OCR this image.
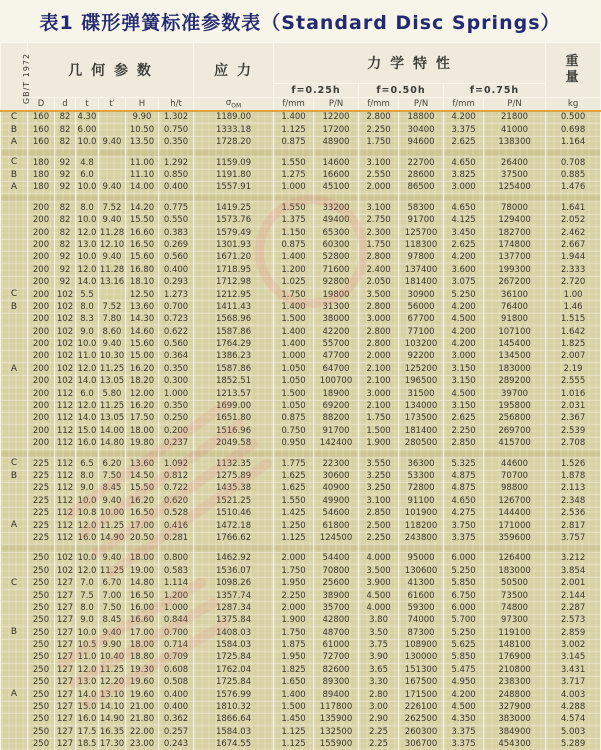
表1 碟形弹簧标准参数表（Standard Disc Springs）
GB/T 1972	几 何 参 数						应 力	力 学 特 性						重量

								f=0.25h		f=0.50h		f=0.75h		
	D	d	t	t′	H	h/t	$\sigma_{OM}$	f/mm	P/N	f/mm	P/N	f/mm	P/N	kg
C	160	82	4.30		9.90	1.302	1189.00	1.400	12200	2.800	18800	4.200	21800	0.500
B	160	82	6.00		10.50	0.750	1333.18	1.125	17200	2.250	30400	3.375	41000	0.698
A	160	82	10.0	9.40	13.50	0.350	1728.20	0.875	48900	1.750	94600	2.625	138300	1.164

C	180	92	4.8		11.00	1.292	1159.09	1.550	14600	3.100	22700	4.650	26400	0.708
B	180	92	6.0		11.10	0.850	1191.80	1.275	16600	2.550	28600	3.825	37500	0.885
A	180	92	10.0	9.40	14.00	0.400	1557.91	1.000	45100	2.000	86500	3.000	125400	1.476

	200	82	8.0	7.52	14.20	0.775	1419.25	1.550	33200	3.100	58300	4.650	78000	1.641
	200	82	10.0	9.40	15.50	0.550	1573.76	1.375	49400	2.750	91700	4.125	129400	2.052
	200	82	12.0	11.28	16.60	0.383	1579.49	1.150	65300	2.300	125700	3.450	182700	2.462
	200	82	13.0	12.10	16.50	0.269	1301.93	0.875	60300	1.750	118300	2.625	174800	2.667
	200	92	10.0	9.40	15.60	0.560	1671.20	1.400	52800	2.800	97800	4.200	137700	1.944
	200	92	12.0	11.28	16.80	0.400	1718.95	1.200	71600	2.400	137400	3.600	199300	2.333
	200	92	14.0	13.16	18.10	0.293	1712.98	1.025	92800	2.050	181400	3.075	267200	2.720
C	200	102	5.5		12.50	1.273	1212.95	1.750	19800	3.500	30900	5.250	36100	1.00
B	200	102	8.0	7.52	13.60	0.700	1411.43	1.400	31300	2.800	56000	4.200	76400	1.46
	200	102	8.3	7.80	14.30	0.723	1568.96	1.500	38000	3.000	67700	4.500	91800	1.515
	200	102	9.0	8.60	14.60	0.622	1587.86	1.400	42200	2.800	77100	4.200	107100	1.642
	200	102	10.0	9.40	15.60	0.560	1764.29	1.400	55700	2.800	103200	4.200	145400	1.825
	200	102	11.0	10.30	15.00	0.364	1386.23	1.000	47700	2.000	92200	3.000	134500	2.007
A	200	102	12.0	11.25	16.20	0.350	1587.86	1.050	64700	2.100	125200	3.150	183000	2.19
	200	102	14.0	13.05	18.20	0.300	1852.51	1.050	100700	2.100	196500	3.150	289200	2.555
	200	112	6.0	5.80	12.00	1.000	1213.57	1.500	18900	3.000	31500	4.500	39700	1.016
	200	112	12.0	11.25	16.20	0.350	1699.00	1.050	69200	2.100	134000	3.150	195800	2.031
	200	112	14.0	13.05	17.50	0.250	1651.80	0.875	88200	1.750	173500	2.625	256800	2.367
	200	112	15.0	14.00	18.00	0.200	1516.96	0.750	91700	1.500	181400	2.250	269700	2.539
	200	112	16.0	14.80	19.80	0.237	2049.58	0.950	142400	1.900	280500	2.850	415700	2.708

C	225	112	6.5	6.20	13.60	1.092	1132.35	1.775	22300	3.550	36300	5.325	44600	1.526
B	225	112	8.0	7.50	14.50	0.812	1275.89	1.625	30600	3.250	53300	4.875	70700	1.878
	225	112	9.0	8.45	15.50	0.722	1435.38	1.625	40900	3.250	72800	4.875	98800	2.113
	225	112	10.0	9.40	16.20	0.620	1521.25	1.550	49900	3.100	91100	4.650	126700	2.348
	225	112	10.8	10.00	16.50	0.528	1510.46	1.425	54600	2.850	101900	4.275	144400	2.536
A	225	112	12.0	11.25	17.00	0.416	1472.18	1.250	61800	2.500	118200	3.750	171000	2.817
	225	112	16.0	14.90	20.50	0.281	1766.62	1.125	124500	2.250	243800	3.375	359600	3.757

	250	102	10.0	9.40	18.00	0.800	1462.92	2.000	54400	4.000	95000	6.000	126400	3.212
	250	102	12.0	11.25	19.00	0.583	1536.07	1.750	70800	3.500	130600	5.250	183000	3.854
C	250	127	7.0	6.70	14.80	1.114	1098.26	1.950	25600	3.900	41300	5.850	50500	2.001
	250	127	7.5	7.00	16.50	1.200	1357.74	2.250	38900	4.500	61600	6.750	73500	2.144
	250	127	8.0	7.50	16.00	1.000	1287.34	2.000	35700	4.000	59300	6.000	74800	2.287
	250	127	9.0	8.45	16.60	0.844	1375.84	1.900	42800	3.80	74000	5.700	97300	2.573
B	250	127	10.0	9.40	17.00	0.700	1408.03	1.750	48700	3.50	87300	5.250	119100	2.859
	250	127	10.5	9.90	18.00	0.714	1584.03	1.875	61000	3.75	108900	5.625	148100	3.002
	250	127	11.0	10.40	18.80	0.709	1725.84	1.950	72700	3.90	130000	5.850	176900	3.145
	250	127	12.0	11.25	19.30	0.608	1762.04	1.825	82600	3.65	151300	5.475	210800	3.431
	250	127	13.0	12.20	19.60	0.508	1725.84	1.650	89300	3.30	167500	4.950	238300	3.717
A	250	127	14.0	13.10	19.60	0.400	1576.99	1.400	89400	2.80	171500	4.200	248800	4.003
	250	127	15.0	14.10	21.00	0.400	1810.32	1.500	117800	3.00	226100	4.500	327900	4.288
	250	127	16.0	14.90	21.80	0.362	1866.64	1.450	135900	2.90	262500	4.350	383000	4.574
	250	127	17.5	16.35	22.00	0.257	1584.03	1.125	132500	2.25	260300	3.375	384900	5.003
	250	127	18.5	17.30	23.00	0.243	1674.55	1.125	155900	2.25	306700	3.375	454300	5.289
